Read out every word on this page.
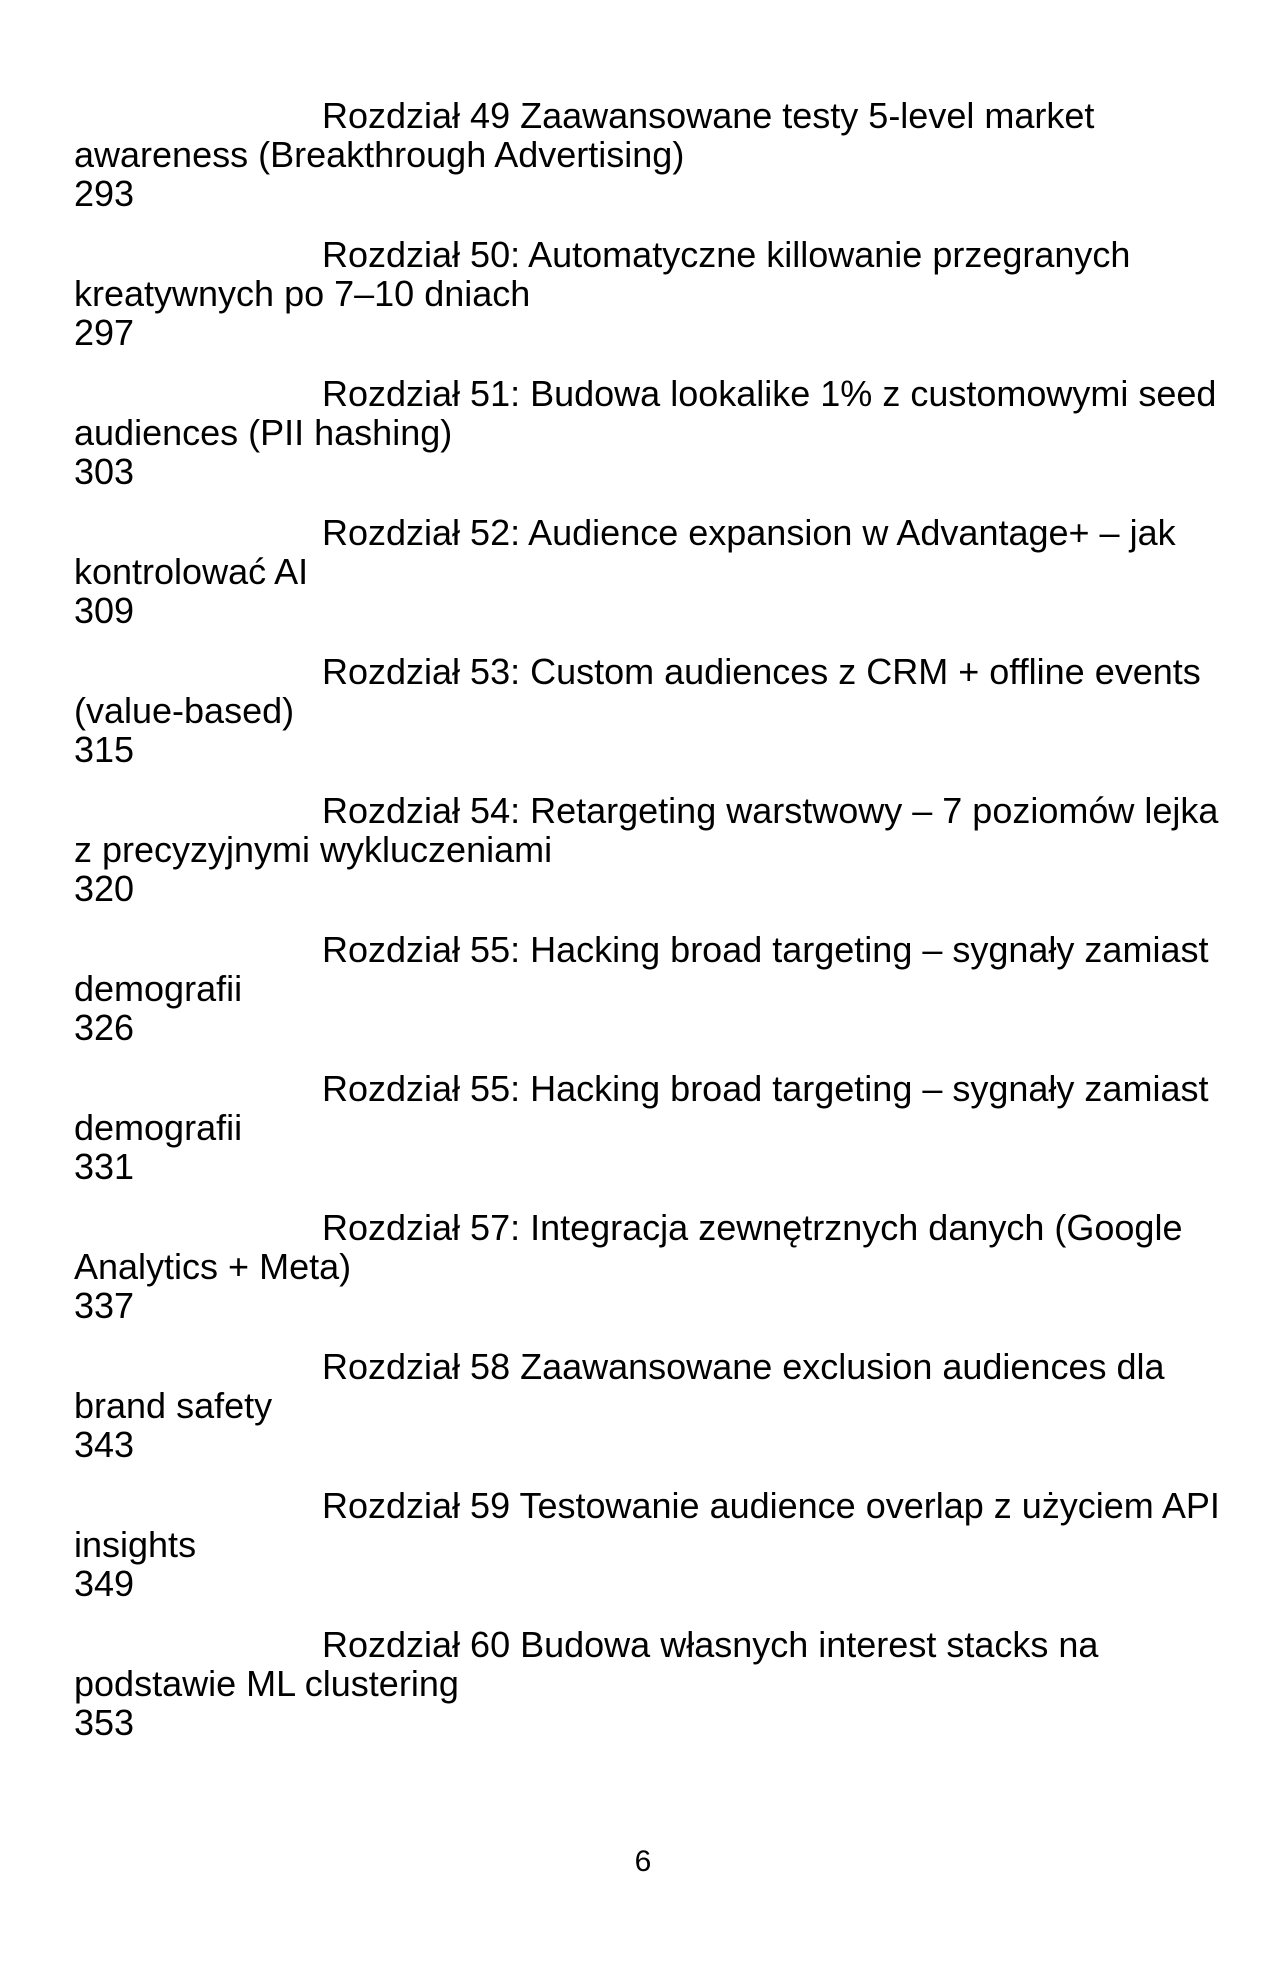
Rozdział 49 Zaawansowane testy 5-level market
awareness (Breakthrough Advertising)
293
Rozdział 50: Automatyczne killowanie przegranych
kreatywnych po 7–10 dniach
297
Rozdział 51: Budowa lookalike 1% z customowymi seed
audiences (PII hashing)
303
Rozdział 52: Audience expansion w Advantage+ – jak
kontrolować AI
309
Rozdział 53: Custom audiences z CRM + offline events
(value-based)
315
Rozdział 54: Retargeting warstwowy – 7 poziomów lejka
z precyzyjnymi wykluczeniami
320
Rozdział 55: Hacking broad targeting – sygnały zamiast
demografii
326
Rozdział 55: Hacking broad targeting – sygnały zamiast
demografii
331
Rozdział 57: Integracja zewnętrznych danych (Google
Analytics + Meta)
337
Rozdział 58 Zaawansowane exclusion audiences dla
brand safety
343
Rozdział 59 Testowanie audience overlap z użyciem API
insights
349
Rozdział 60 Budowa własnych interest stacks na
podstawie ML clustering
353
6
